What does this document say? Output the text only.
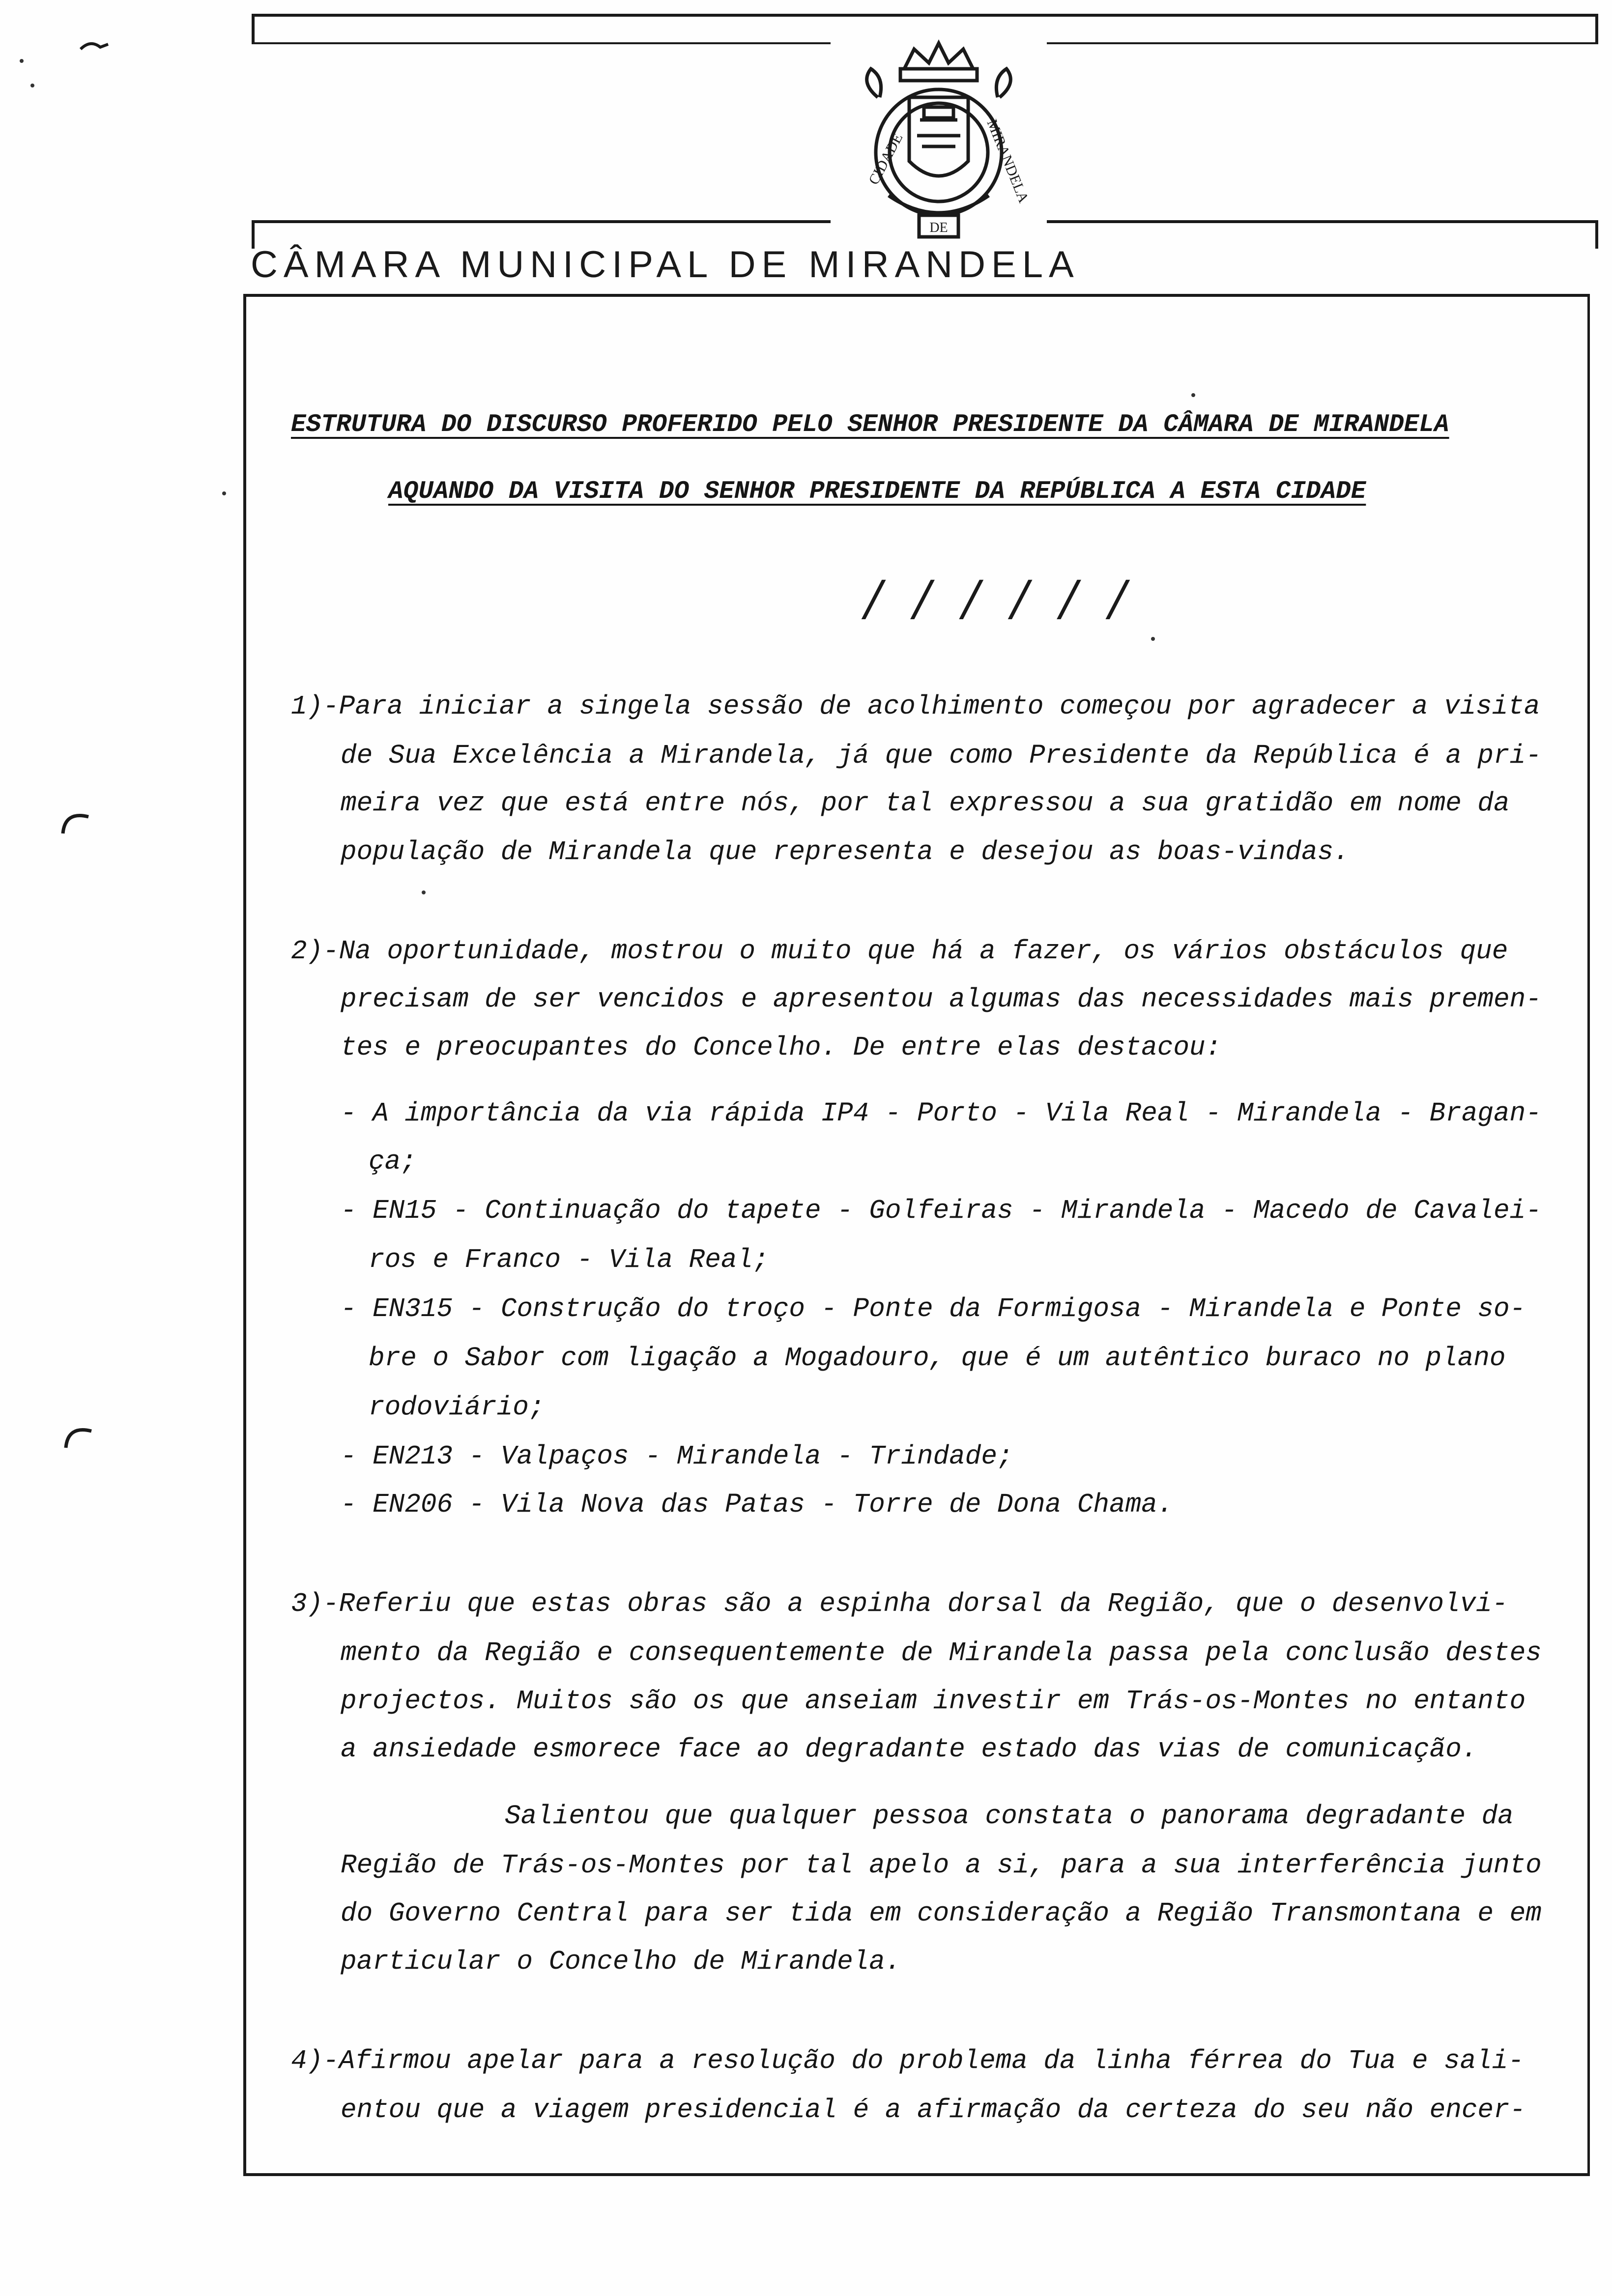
DE
CIDADE	MIRANDELA
CÂMARA MUNICIPAL DE MIRANDELA
ESTRUTURA DO DISCURSO PROFERIDO PELO SENHOR PRESIDENTE DA CÂMARA DE MIRANDELA
AQUANDO DA VISITA DO SENHOR PRESIDENTE DA REPÚBLICA A ESTA CIDADE
/ / / / / /
1)-Para iniciar a singela sessão de acolhimento começou por agradecer a visita
de Sua Excelência a Mirandela, já que como Presidente da República é a pri-
meira vez que está entre nós, por tal expressou a sua gratidão em nome da
população de Mirandela que representa e desejou as boas-vindas.
2)-Na oportunidade, mostrou o muito que há a fazer, os vários obstáculos que
precisam de ser vencidos e apresentou algumas das necessidades mais premen-
tes e preocupantes do Concelho. De entre elas destacou:
- A importância da via rápida IP4 - Porto - Vila Real - Mirandela - Bragan-
ça;
- EN15 - Continuação do tapete - Golfeiras - Mirandela - Macedo de Cavalei-
ros e Franco - Vila Real;
- EN315 - Construção do troço - Ponte da Formigosa - Mirandela e Ponte so-
bre o Sabor com ligação a Mogadouro, que é um autêntico buraco no plano
rodoviário;
- EN213 - Valpaços - Mirandela - Trindade;
- EN206 - Vila Nova das Patas - Torre de Dona Chama.
3)-Referiu que estas obras são a espinha dorsal da Região, que o desenvolvi-
mento da Região e consequentemente de Mirandela passa pela conclusão destes
projectos. Muitos são os que anseiam investir em Trás-os-Montes no entanto
a ansiedade esmorece face ao degradante estado das vias de comunicação.
Salientou que qualquer pessoa constata o panorama degradante da
Região de Trás-os-Montes por tal apelo a si, para a sua interferência junto
do Governo Central para ser tida em consideração a Região Transmontana e em
particular o Concelho de Mirandela.
4)-Afirmou apelar para a resolução do problema da linha férrea do Tua e sali-
entou que a viagem presidencial é a afirmação da certeza do seu não encer-
